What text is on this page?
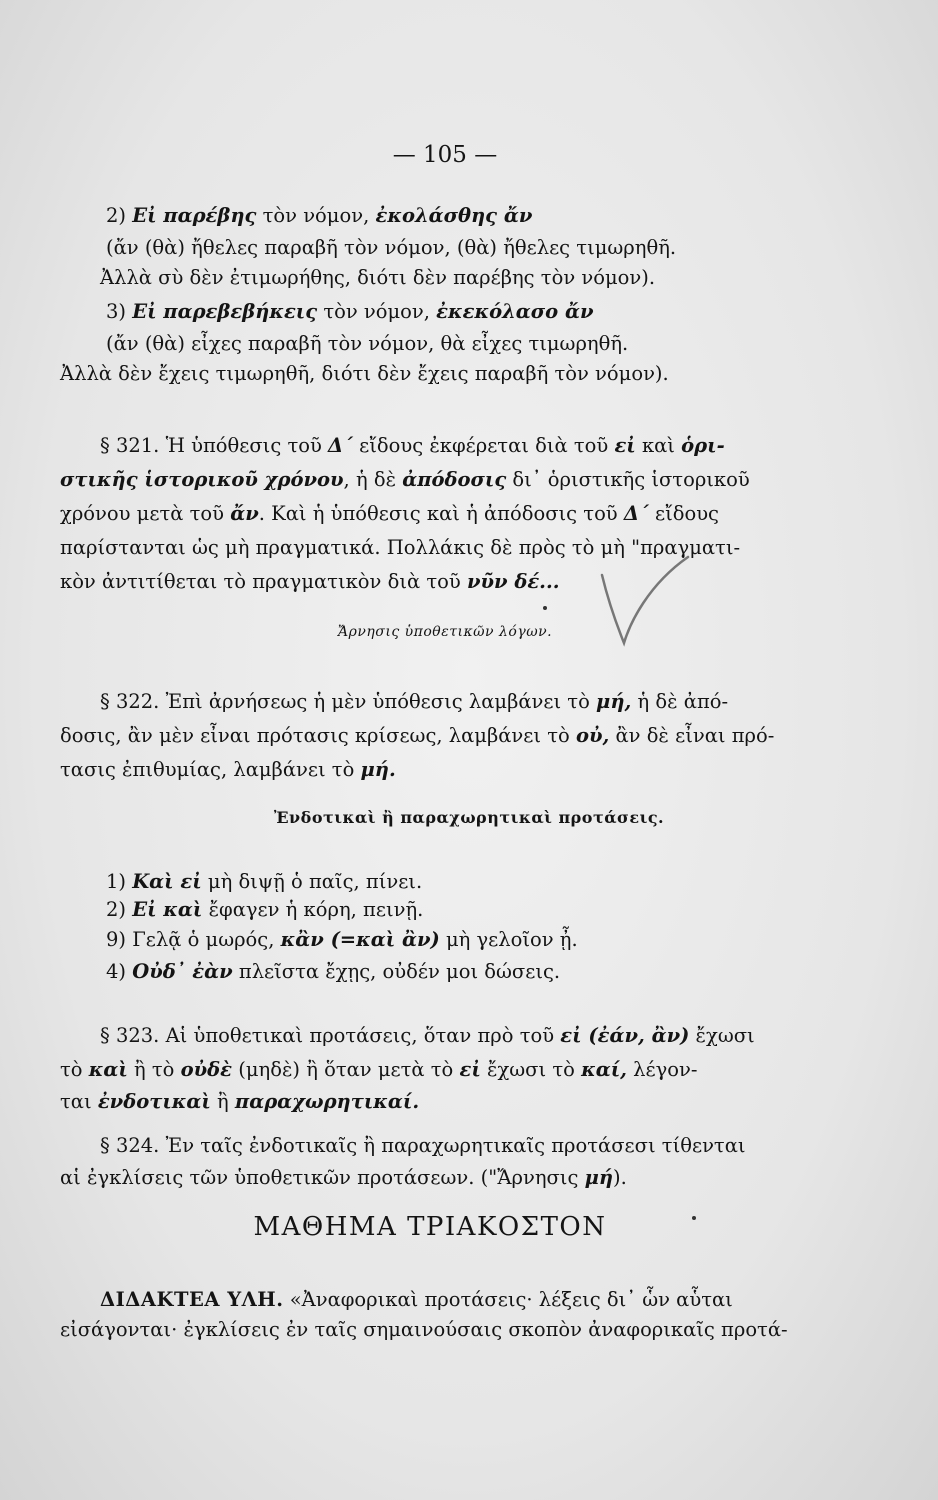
— 105 —
2) Εἰ παρέβης τὸν νόμον, ἐκολάσθης ἄν
(ἄν (θὰ) ἤθελες παραβῆ τὸν νόμον, (θὰ) ἤθελες τιμωρηθῆ.
Ἀλλὰ σὺ δὲν ἐτιμωρήθης, διότι δὲν παρέβης τὸν νόμον).
3) Εἰ παρεβεβήκεις τὸν νόμον, ἐκεκόλασο ἄν
(ἄν (θὰ) εἶχες παραβῆ τὸν νόμον, θὰ εἶχες τιμωρηθῆ.
Ἀλλὰ δὲν ἔχεις τιμωρηθῆ, διότι δὲν ἔχεις παραβῆ τὸν νόμον).
§ 321. Ἡ ὑπόθεσις τοῦ Δ΄ εἴδους ἐκφέρεται διὰ τοῦ εἰ καὶ ὁρι-
στικῆς ἱστορικοῦ χρόνου, ἡ δὲ ἀπόδοσις δι᾽ ὁριστικῆς ἱστορικοῦ
χρόνου μετὰ τοῦ ἄν. Καὶ ἡ ὑπόθεσις καὶ ἡ ἀπόδοσις τοῦ Δ΄ εἴδους
παρίστανται ὡς μὴ πραγματικά. Πολλάκις δὲ πρὸς τὸ μὴ "πραγματι-
κὸν ἀντιτίθεται τὸ πραγματικὸν διὰ τοῦ νῦν δέ...
Ἄρνησις ὑποθετικῶν λόγων.
§ 322. Ἐπὶ ἀρνήσεως ἡ μὲν ὑπόθεσις λαμβάνει τὸ μή, ἡ δὲ ἀπό-
δοσις, ἂν μὲν εἶναι πρότασις κρίσεως, λαμβάνει τὸ οὐ, ἂν δὲ εἶναι πρό-
τασις ἐπιθυμίας, λαμβάνει τὸ μή.
Ἐνδοτικαὶ ἢ παραχωρητικαὶ προτάσεις.
1) Καὶ εἰ μὴ διψῇ ὁ παῖς, πίνει.
2) Εἰ καὶ ἔφαγεν ἡ κόρη, πεινῇ.
9) Γελᾷ ὁ μωρός, κἂν (=καὶ ἂν) μὴ γελοῖον ᾖ.
4) Οὐδ᾽ ἐὰν πλεῖστα ἔχῃς, οὐδέν μοι δώσεις.
§ 323. Αἱ ὑποθετικαὶ προτάσεις, ὅταν πρὸ τοῦ εἰ (ἐάν, ἂν) ἔχωσι
τὸ καὶ ἢ τὸ οὐδὲ (μηδὲ) ἢ ὅταν μετὰ τὸ εἰ ἔχωσι τὸ καί, λέγον-
ται ἐνδοτικαὶ ἢ παραχωρητικαί.
§ 324. Ἐν ταῖς ἐνδοτικαῖς ἢ παραχωρητικαῖς προτάσεσι τίθενται
αἱ ἐγκλίσεις τῶν ὑποθετικῶν προτάσεων. ("Ἄρνησις μή).
ΜΑΘΗΜΑ ΤΡΙΑΚΟΣΤΟΝ
ΔΙΔΑΚΤΕΑ ΥΛΗ. «Ἀναφορικαὶ προτάσεις· λέξεις δι᾽ ὧν αὗται
εἰσάγονται· ἐγκλίσεις ἐν ταῖς σημαινούσαις σκοπὸν ἀναφορικαῖς προτά-
